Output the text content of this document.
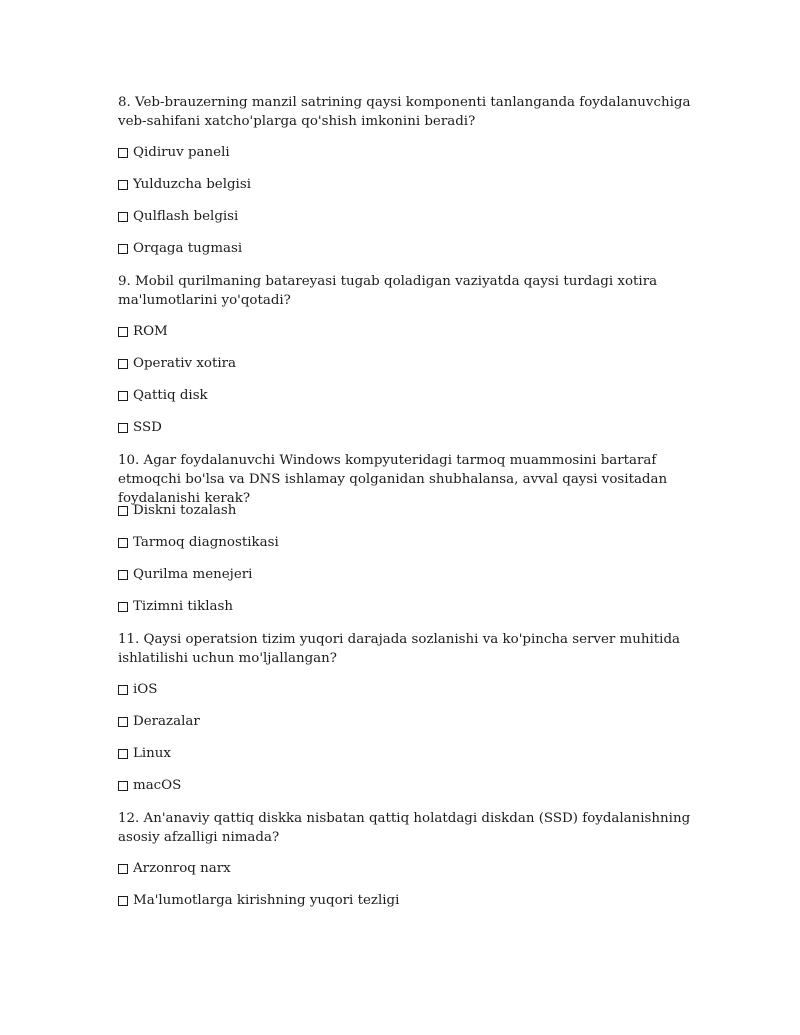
8. Veb-brauzerning manzil satrining qaysi komponenti tanlanganda foydalanuvchiga veb-sahifani xatcho'plarga qo'shish imkonini beradi?

Qidiruv paneli
Yulduzcha belgisi
Qulflash belgisi
Orqaga tugmasi

9. Mobil qurilmaning batareyasi tugab qoladigan vaziyatda qaysi turdagi xotira ma'lumotlarini yo'qotadi?

ROM
Operativ xotira
Qattiq disk
SSD

10. Agar foydalanuvchi Windows kompyuteridagi tarmoq muammosini bartaraf etmoqchi bo'lsa va DNS ishlamay qolganidan shubhalansa, avval qaysi vositadan foydalanishi kerak?

Diskni tozalash
Tarmoq diagnostikasi
Qurilma menejeri
Tizimni tiklash

11. Qaysi operatsion tizim yuqori darajada sozlanishi va ko'pincha server muhitida ishlatilishi uchun mo'ljallangan?

iOS
Derazalar
Linux
macOS

12. An'anaviy qattiq diskka nisbatan qattiq holatdagi diskdan (SSD) foydalanishning asosiy afzalligi nimada?

Arzonroq narx
Ma'lumotlarga kirishning yuqori tezligi
